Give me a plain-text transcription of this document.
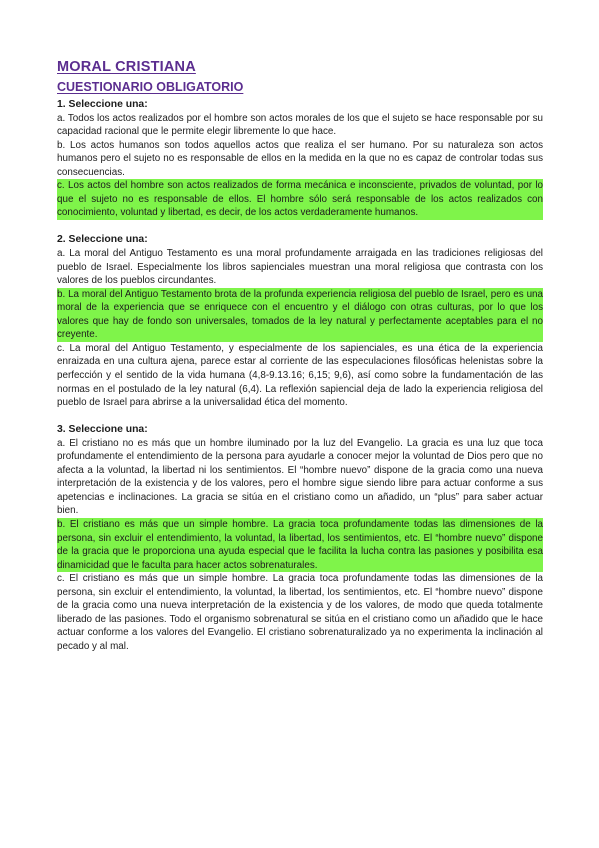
MORAL CRISTIANA
CUESTIONARIO OBLIGATORIO

1. Seleccione una:

a. Todos los actos realizados por el hombre son actos morales de los que el sujeto se hace responsable por su capacidad racional que le permite elegir libremente lo que hace.

b. Los actos humanos son todos aquellos actos que realiza el ser humano. Por su naturaleza son actos humanos pero el sujeto no es responsable de ellos en la medida en la que no es capaz de controlar todas sus consecuencias.

c. Los actos del hombre son actos realizados de forma mecánica e inconsciente, privados de voluntad, por lo que el sujeto no es responsable de ellos. El hombre sólo será responsable de los actos realizados con conocimiento, voluntad y libertad, es decir, de los actos verdaderamente humanos.

2. Seleccione una:

a. La moral del Antiguo Testamento es una moral profundamente arraigada en las tradiciones religiosas del pueblo de Israel. Especialmente los libros sapienciales muestran una moral religiosa que contrasta con los valores de los pueblos circundantes.

b. La moral del Antiguo Testamento brota de la profunda experiencia religiosa del pueblo de Israel, pero es una moral de la experiencia que se enriquece con el encuentro y el diálogo con otras culturas, por lo que los valores que hay de fondo son universales, tomados de la ley natural y perfectamente aceptables para el no creyente.

c. La moral del Antiguo Testamento, y especialmente de los sapienciales, es una ética de la experiencia enraizada en una cultura ajena, parece estar al corriente de las especulaciones filosóficas helenistas sobre la perfección y el sentido de la vida humana (4,8-9.13.16; 6,15; 9,6), así como sobre la fundamentación de las normas en el postulado de la ley natural (6,4). La reflexión sapiencial deja de lado la experiencia religiosa del pueblo de Israel para abrirse a la universalidad ética del momento.

3. Seleccione una:

a. El cristiano no es más que un hombre iluminado por la luz del Evangelio. La gracia es una luz que toca profundamente el entendimiento de la persona para ayudarle a conocer mejor la voluntad de Dios pero que no afecta a la voluntad, la libertad ni los sentimientos. El “hombre nuevo” dispone de la gracia como una nueva interpretación de la existencia y de los valores, pero el hombre sigue siendo libre para actuar conforme a sus apetencias e inclinaciones. La gracia se sitúa en el cristiano como un añadido, un “plus” para saber actuar bien.

b. El cristiano es más que un simple hombre. La gracia toca profundamente todas las dimensiones de la persona, sin excluir el entendimiento, la voluntad, la libertad, los sentimientos, etc. El “hombre nuevo” dispone de la gracia que le proporciona una ayuda especial que le facilita la lucha contra las pasiones y posibilita esa dinamicidad que le faculta para hacer actos sobrenaturales.

c. El cristiano es más que un simple hombre. La gracia toca profundamente todas las dimensiones de la persona, sin excluir el entendimiento, la voluntad, la libertad, los sentimientos, etc. El “hombre nuevo” dispone de la gracia como una nueva interpretación de la existencia y de los valores, de modo que queda totalmente liberado de las pasiones. Todo el organismo sobrenatural se sitúa en el cristiano como un añadido que le hace actuar conforme a los valores del Evangelio. El cristiano sobrenaturalizado ya no experimenta la inclinación al pecado y al mal.
